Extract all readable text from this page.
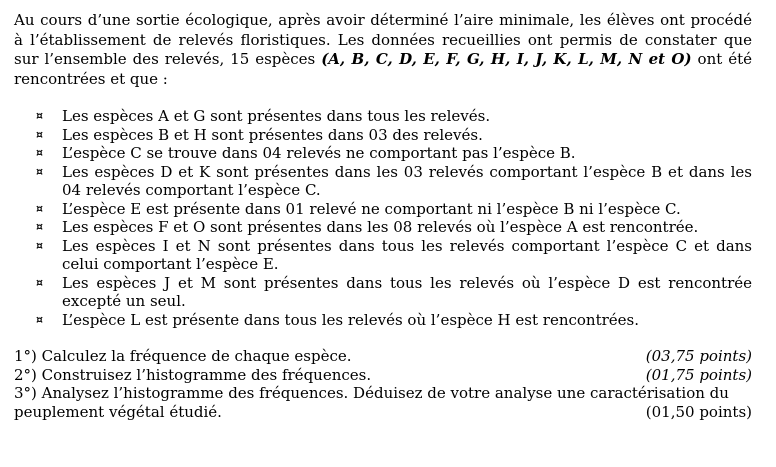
Au cours d’une sortie écologique, après avoir déterminé l’aire minimale, les élèves ont procédé à l’établissement de relevés floristiques. Les données recueillies ont permis de constater que sur l’ensemble des relevés, 15 espèces (A, B, C, D, E, F, G, H, I, J, K, L, M, N et O) ont été rencontrées et que :

¤ Les espèces A et G sont présentes dans tous les relevés.
¤ Les espèces B et H sont présentes dans 03 des relevés.
¤ L’espèce C se trouve dans 04 relevés ne comportant pas l’espèce B.
¤ Les espèces D et K sont présentes dans les 03 relevés comportant l’espèce B et dans les 04 relevés comportant l’espèce C.
¤ L’espèce E est présente dans 01 relevé ne comportant ni l’espèce B ni l’espèce C.
¤ Les espèces F et O sont présentes dans les 08 relevés où l’espèce A est rencontrée.
¤ Les espèces I et N sont présentes dans tous les relevés comportant l’espèce C et dans celui comportant l’espèce E.
¤ Les espèces J et M sont présentes dans tous les relevés où l’espèce D est rencontrée excepté un seul.
¤ L’espèce L est présente dans tous les relevés où l’espèce H est rencontrées.
1°) Calculez la fréquence de chaque espèce.	(03,75 points)
2°) Construisez l’histogramme des fréquences.	(01,75 points)
3°) Analysez l’histogramme des fréquences. Déduisez de votre analyse une caractérisation du
peuplement végétal étudié.	(01,50 points)
